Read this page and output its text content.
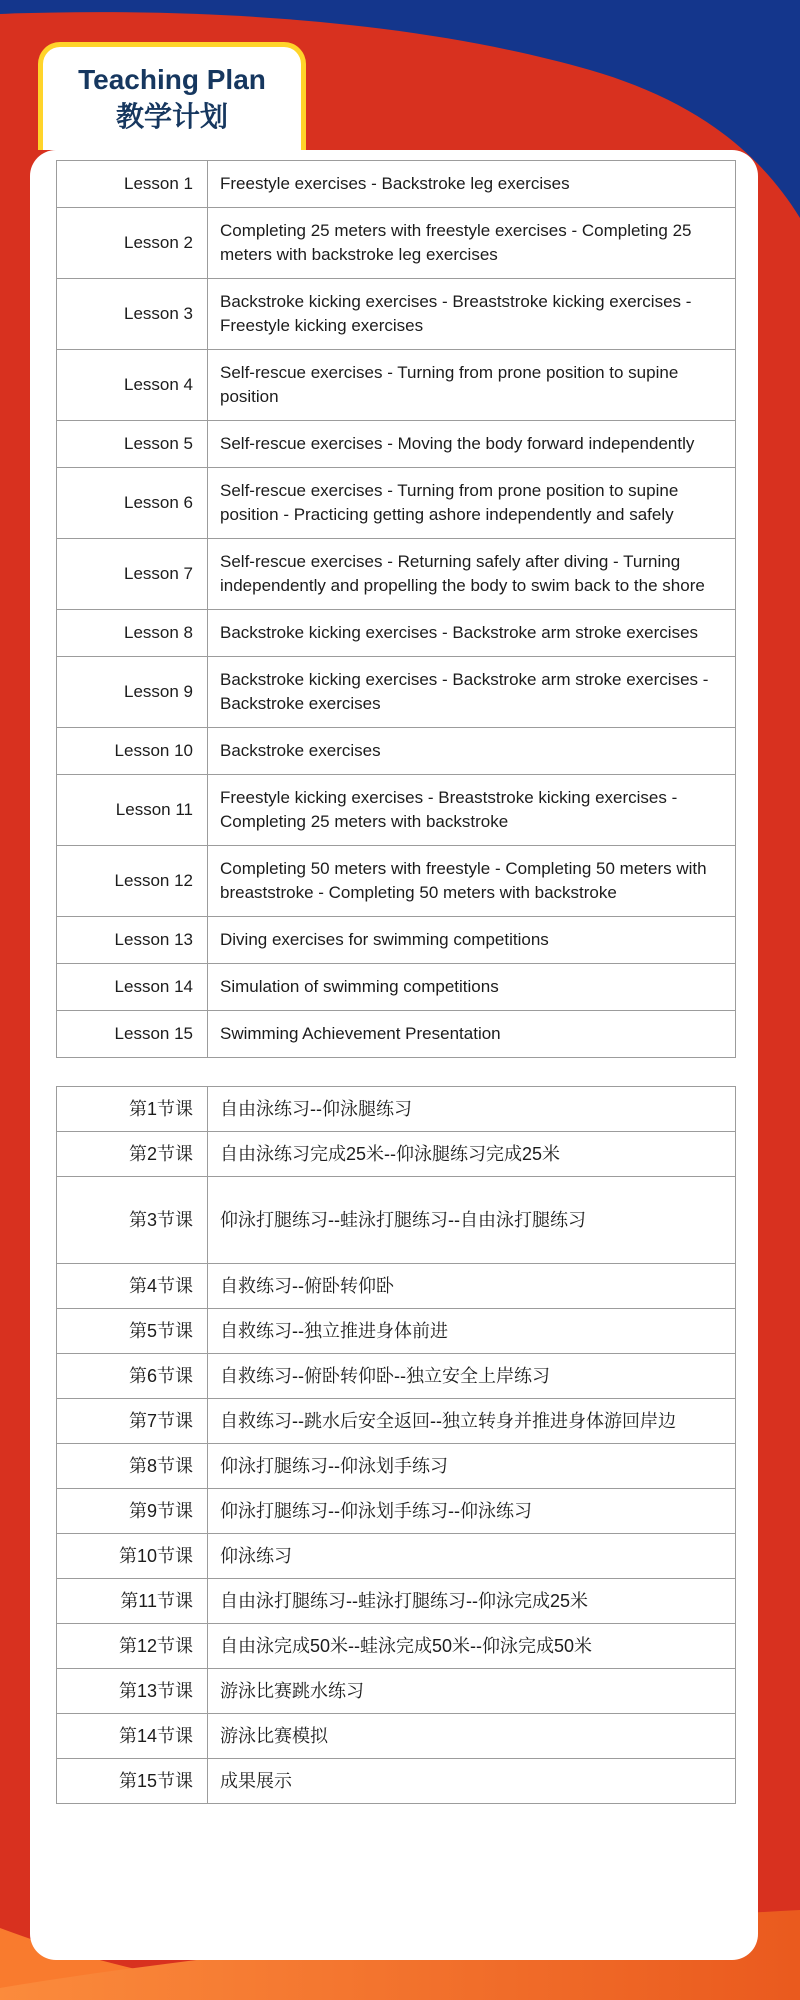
Teaching Plan
教学计划
Lesson 1	Freestyle exercises - Backstroke leg exercises
Lesson 2	Completing 25 meters with freestyle exercises - Completing 25 meters with backstroke leg exercises
Lesson 3	Backstroke kicking exercises - Breaststroke kicking exercises - Freestyle kicking exercises
Lesson 4	Self-rescue exercises - Turning from prone position to supine position
Lesson 5	Self-rescue exercises - Moving the body forward independently
Lesson 6	Self-rescue exercises - Turning from prone position to supine position - Practicing getting ashore independently and safely
Lesson 7	Self-rescue exercises - Returning safely after diving - Turning independently and propelling the body to swim back to the shore
Lesson 8	Backstroke kicking exercises - Backstroke arm stroke exercises
Lesson 9	Backstroke kicking exercises - Backstroke arm stroke exercises - Backstroke exercises
Lesson 10	Backstroke exercises
Lesson 11	Freestyle kicking exercises - Breaststroke kicking exercises - Completing 25 meters with backstroke
Lesson 12	Completing 50 meters with freestyle - Completing 50 meters with breaststroke - Completing 50 meters with backstroke
Lesson 13	Diving exercises for swimming competitions
Lesson 14	Simulation of swimming competitions
Lesson 15	Swimming Achievement Presentation
第1节课	自由泳练习--仰泳腿练习
第2节课	自由泳练习完成25米--仰泳腿练习完成25米
第3节课	仰泳打腿练习--蛙泳打腿练习--自由泳打腿练习
第4节课	自救练习--俯卧转仰卧
第5节课	自救练习--独立推进身体前进
第6节课	自救练习--俯卧转仰卧--独立安全上岸练习
第7节课	自救练习--跳水后安全返回--独立转身并推进身体游回岸边
第8节课	仰泳打腿练习--仰泳划手练习
第9节课	仰泳打腿练习--仰泳划手练习--仰泳练习
第10节课	仰泳练习
第11节课	自由泳打腿练习--蛙泳打腿练习--仰泳完成25米
第12节课	自由泳完成50米--蛙泳完成50米--仰泳完成50米
第13节课	游泳比赛跳水练习
第14节课	游泳比赛模拟
第15节课	成果展示
